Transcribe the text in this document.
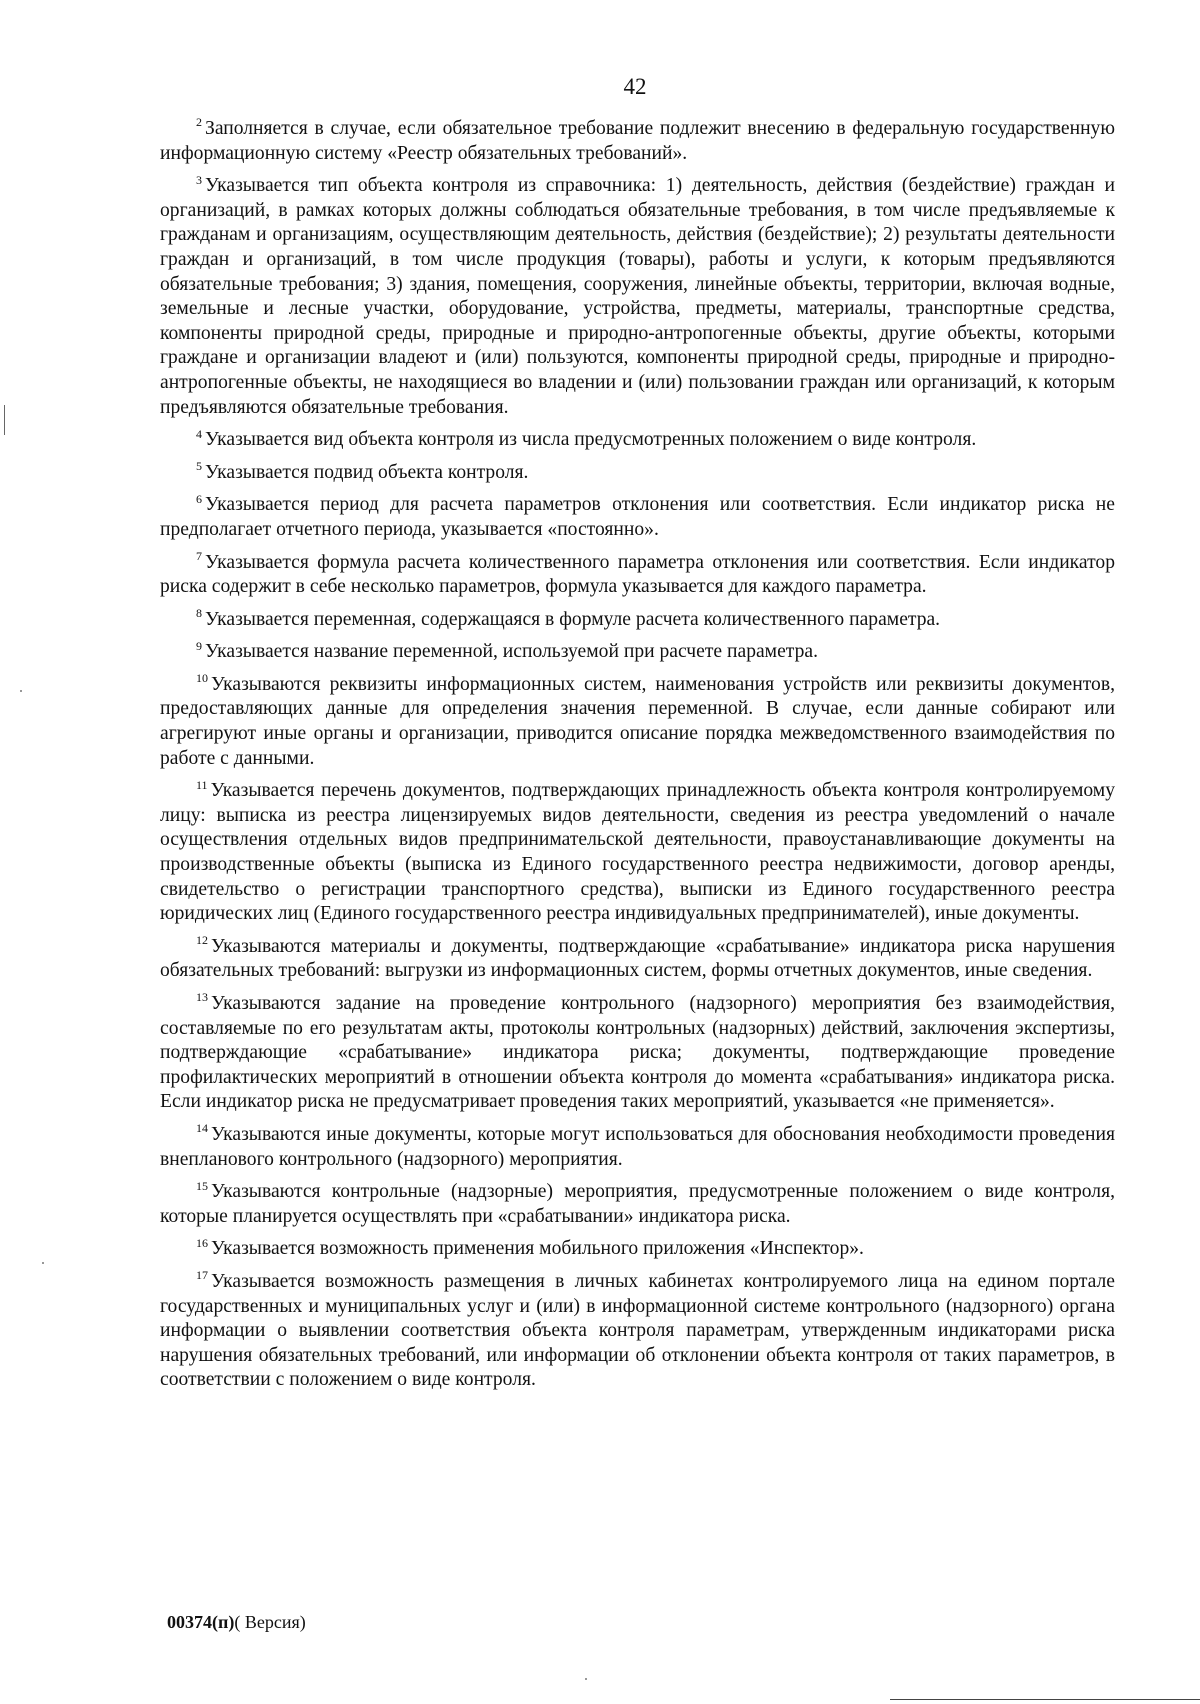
42

$^2$ Заполняется в случае, если обязательное требование подлежит внесению в федеральную государственную информационную систему «Реестр обязательных требований».

$^3$ Указывается тип объекта контроля из справочника: 1) деятельность, действия (бездействие) граждан и организаций, в рамках которых должны соблюдаться обязательные требования, в том числе предъявляемые к гражданам и организациям, осуществляющим деятельность, действия (бездействие); 2) результаты деятельности граждан и организаций, в том числе продукция (товары), работы и услуги, к которым предъявляются обязательные требования; 3) здания, помещения, сооружения, линейные объекты, территории, включая водные, земельные и лесные участки, оборудование, устройства, предметы, материалы, транспортные средства, компоненты природной среды, природные и природно-антропогенные объекты, другие объекты, которыми граждане и организации владеют и (или) пользуются, компоненты природной среды, природные и природно-антропогенные объекты, не находящиеся во владении и (или) пользовании граждан или организаций, к которым предъявляются обязательные требования.

$^4$ Указывается вид объекта контроля из числа предусмотренных положением о виде контроля.

$^5$ Указывается подвид объекта контроля.

$^6$ Указывается период для расчета параметров отклонения или соответствия. Если индикатор риска не предполагает отчетного периода, указывается «постоянно».

$^7$ Указывается формула расчета количественного параметра отклонения или соответствия. Если индикатор риска содержит в себе несколько параметров, формула указывается для каждого параметра.

$^8$ Указывается переменная, содержащаяся в формуле расчета количественного параметра.

$^9$ Указывается название переменной, используемой при расчете параметра.

$^{10}$ Указываются реквизиты информационных систем, наименования устройств или реквизиты документов, предоставляющих данные для определения значения переменной. В случае, если данные собирают или агрегируют иные органы и организации, приводится описание порядка межведомственного взаимодействия по работе с данными.

$^{11}$ Указывается перечень документов, подтверждающих принадлежность объекта контроля контролируемому лицу: выписка из реестра лицензируемых видов деятельности, сведения из реестра уведомлений о начале осуществления отдельных видов предпринимательской деятельности, правоустанавливающие документы на производственные объекты (выписка из Единого государственного реестра недвижимости, договор аренды, свидетельство о регистрации транспортного средства), выписки из Единого государственного реестра юридических лиц (Единого государственного реестра индивидуальных предпринимателей), иные документы.

$^{12}$ Указываются материалы и документы, подтверждающие «срабатывание» индикатора риска нарушения обязательных требований: выгрузки из информационных систем, формы отчетных документов, иные сведения.

$^{13}$ Указываются задание на проведение контрольного (надзорного) мероприятия без взаимодействия, составляемые по его результатам акты, протоколы контрольных (надзорных) действий, заключения экспертизы, подтверждающие «срабатывание» индикатора риска; документы, подтверждающие проведение профилактических мероприятий в отношении объекта контроля до момента «срабатывания» индикатора риска. Если индикатор риска не предусматривает проведения таких мероприятий, указывается «не применяется».

$^{14}$ Указываются иные документы, которые могут использоваться для обоснования необходимости проведения внепланового контрольного (надзорного) мероприятия.

$^{15}$ Указываются контрольные (надзорные) мероприятия, предусмотренные положением о виде контроля, которые планируется осуществлять при «срабатывании» индикатора риска.

$^{16}$ Указывается возможность применения мобильного приложения «Инспектор».

$^{17}$ Указывается возможность размещения в личных кабинетах контролируемого лица на едином портале государственных и муниципальных услуг и (или) в информационной системе контрольного (надзорного) органа информации о выявлении соответствия объекта контроля параметрам, утвержденным индикаторами риска нарушения обязательных требований, или информации об отклонении объекта контроля от таких параметров, в соответствии с положением о виде контроля.

00374(п)( Версия)
